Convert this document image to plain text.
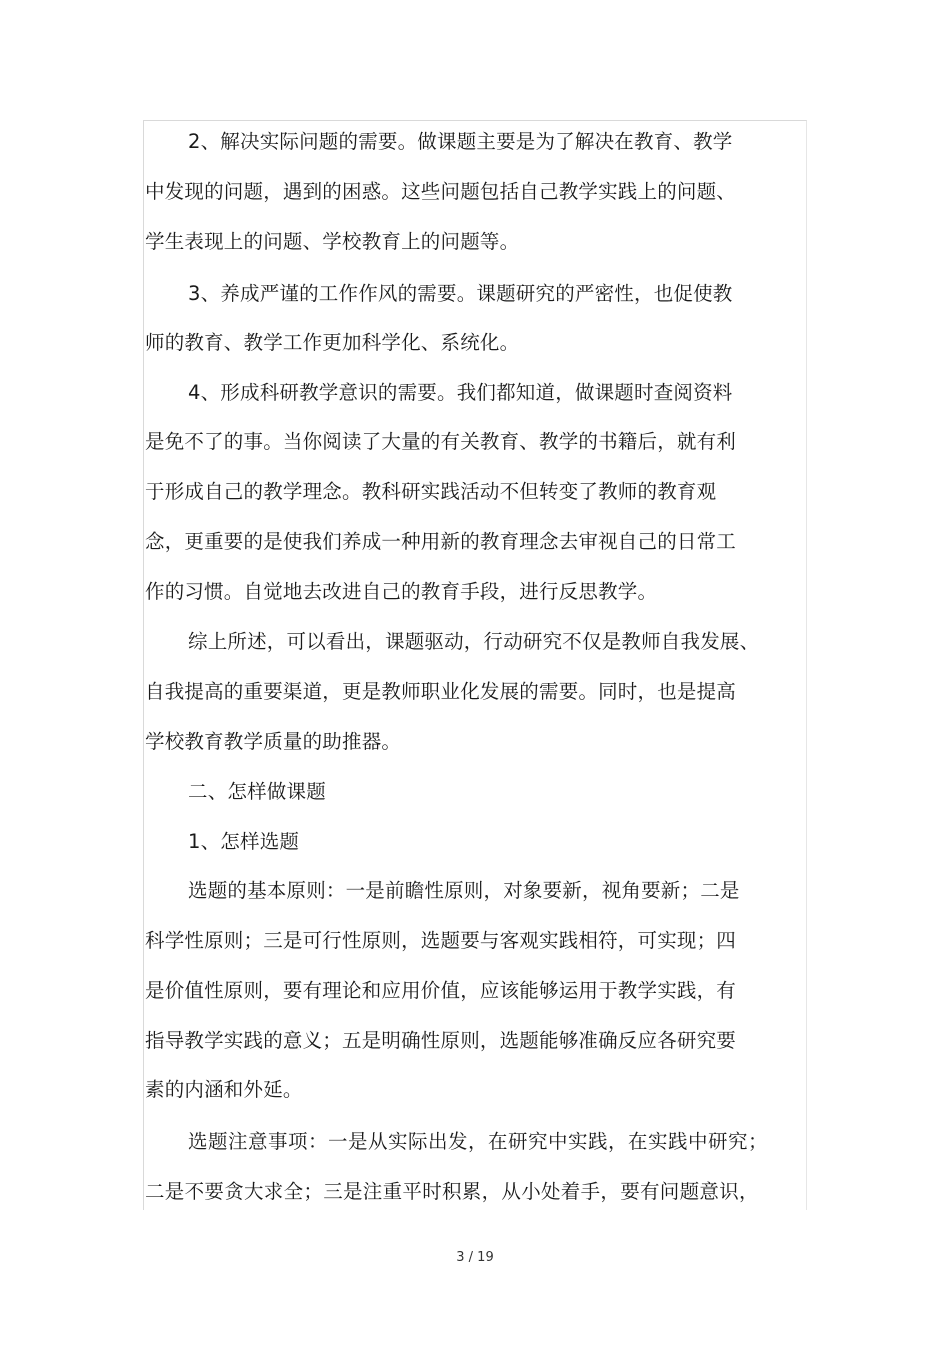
2、解决实际问题的需要。做课题主要是为了解决在教育、教学
中发现的问题，遇到的困惑。这些问题包括自己教学实践上的问题、
学生表现上的问题、学校教育上的问题等。
3、养成严谨的工作作风的需要。课题研究的严密性，也促使教
师的教育、教学工作更加科学化、系统化。
4、形成科研教学意识的需要。我们都知道，做课题时查阅资料
是免不了的事。当你阅读了大量的有关教育、教学的书籍后，就有利
于形成自己的教学理念。教科研实践活动不但转变了教师的教育观
念，更重要的是使我们养成一种用新的教育理念去审视自己的日常工
作的习惯。自觉地去改进自己的教育手段，进行反思教学。
综上所述，可以看出，课题驱动，行动研究不仅是教师自我发展、
自我提高的重要渠道，更是教师职业化发展的需要。同时，也是提高
学校教育教学质量的助推器。
二、怎样做课题
1、怎样选题
选题的基本原则：一是前瞻性原则，对象要新，视角要新；二是
科学性原则；三是可行性原则，选题要与客观实践相符，可实现；四
是价值性原则，要有理论和应用价值，应该能够运用于教学实践，有
指导教学实践的意义；五是明确性原则，选题能够准确反应各研究要
素的内涵和外延。
选题注意事项：一是从实际出发，在研究中实践，在实践中研究；
二是不要贪大求全；三是注重平时积累，从小处着手，要有问题意识，
3 / 19
